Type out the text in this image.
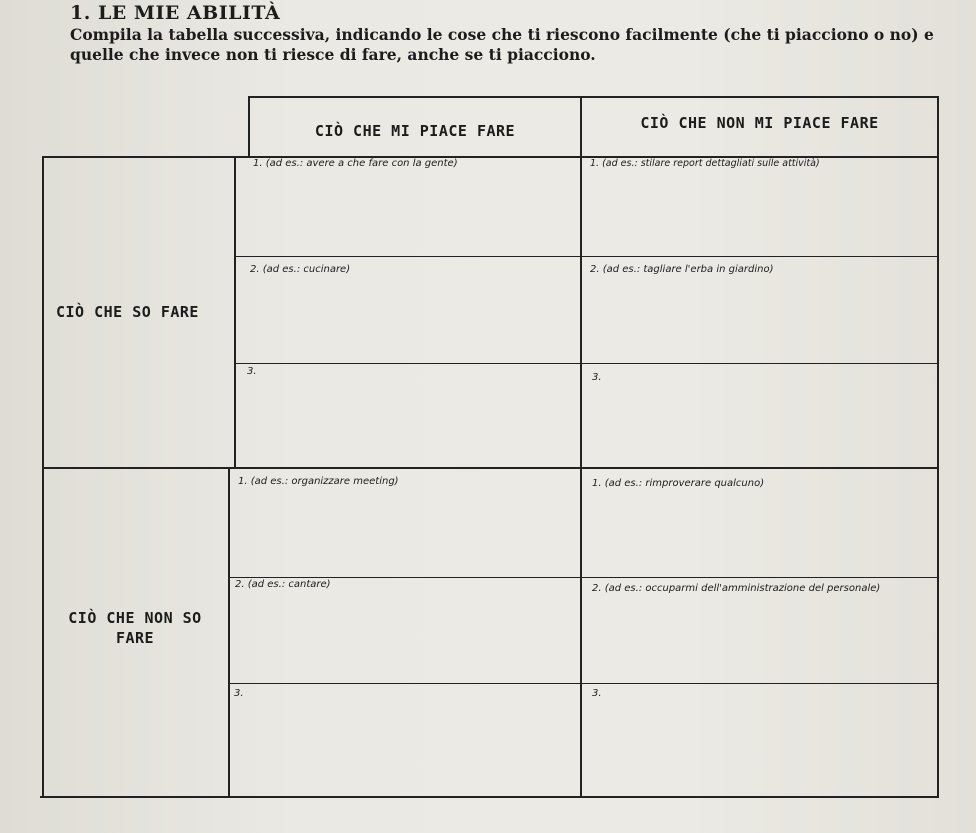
1. LE MIE ABILITÀ
Compila la tabella successiva, indicando le cose che ti riescono facilmente (che ti piacciono o no) e quelle che invece non ti riesce di fare, anche se ti piacciono.
CIÒ CHE MI PIACE FARE	CIÒ CHE NON MI PIACE FARE
CIÒ CHE SO FARE
CIÒ CHE NON SO FARE
1. (ad es.: avere a che fare con la gente)
2. (ad es.: cucinare)
3.
1. (ad es.: stilare report dettagliati sulle attività)
2. (ad es.: tagliare l'erba in giardino)
3.
1. (ad es.: organizzare meeting)
2. (ad es.: cantare)
3.
1. (ad es.: rimproverare qualcuno)
2. (ad es.: occuparmi dell'amministrazione del personale)
3.
